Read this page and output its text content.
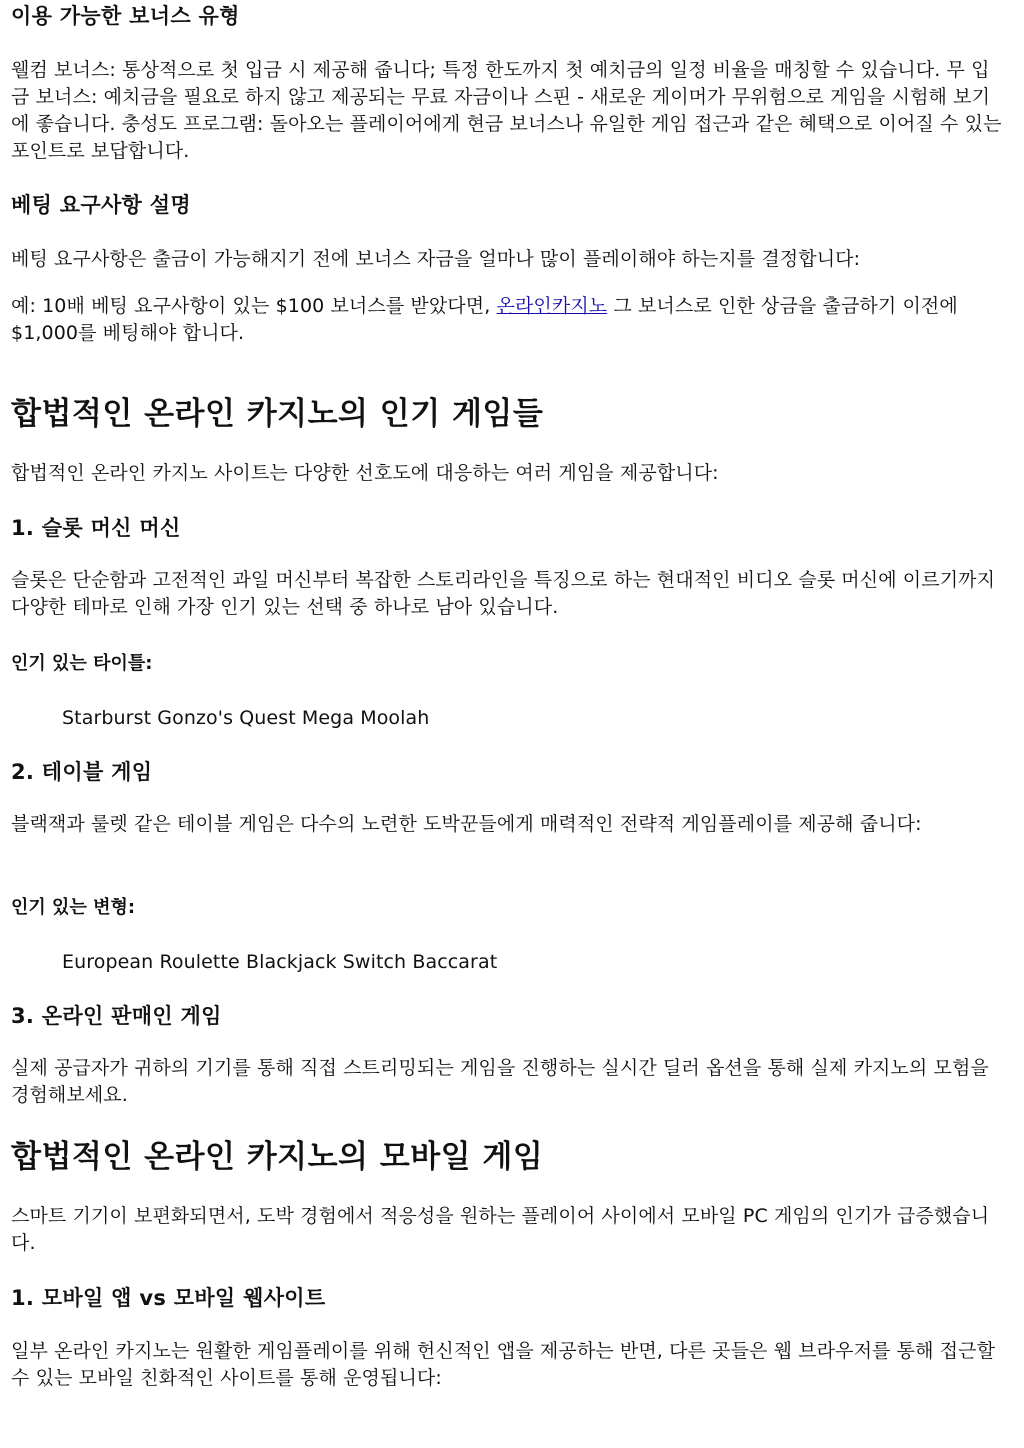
이용 가능한 보너스 유형

웰컴 보너스: 통상적으로 첫 입금 시 제공해 줍니다; 특정 한도까지 첫 예치금의 일정 비율을 매칭할 수 있습니다. 무 입금 보너스: 예치금을 필요로 하지 않고 제공되는 무료 자금이나 스핀 - 새로운 게이머가 무위험으로 게임을 시험해 보기에 좋습니다. 충성도 프로그램: 돌아오는 플레이어에게 현금 보너스나 유일한 게임 접근과 같은 혜택으로 이어질 수 있는 포인트로 보답합니다.

베팅 요구사항 설명

베팅 요구사항은 출금이 가능해지기 전에 보너스 자금을 얼마나 많이 플레이해야 하는지를 결정합니다:

예: 10배 베팅 요구사항이 있는 $100 보너스를 받았다면, 온라인카지노 그 보너스로 인한 상금을 출금하기 이전에 $1,000를 베팅해야 합니다.

합법적인 온라인 카지노의 인기 게임들

합법적인 온라인 카지노 사이트는 다양한 선호도에 대응하는 여러 게임을 제공합니다:

1. 슬롯 머신 머신

슬롯은 단순함과 고전적인 과일 머신부터 복잡한 스토리라인을 특징으로 하는 현대적인 비디오 슬롯 머신에 이르기까지 다양한 테마로 인해 가장 인기 있는 선택 중 하나로 남아 있습니다.

인기 있는 타이틀:

Starburst Gonzo's Quest Mega Moolah

2. 테이블 게임

블랙잭과 룰렛 같은 테이블 게임은 다수의 노련한 도박꾼들에게 매력적인 전략적 게임플레이를 제공해 줍니다:

인기 있는 변형:

European Roulette Blackjack Switch Baccarat

3. 온라인 판매인 게임

실제 공급자가 귀하의 기기를 통해 직접 스트리밍되는 게임을 진행하는 실시간 딜러 옵션을 통해 실제 카지노의 모험을 경험해보세요.

합법적인 온라인 카지노의 모바일 게임

스마트 기기이 보편화되면서, 도박 경험에서 적응성을 원하는 플레이어 사이에서 모바일 PC 게임의 인기가 급증했습니다.

1. 모바일 앱 vs 모바일 웹사이트

일부 온라인 카지노는 원활한 게임플레이를 위해 헌신적인 앱을 제공하는 반면, 다른 곳들은 웹 브라우저를 통해 접근할 수 있는 모바일 친화적인 사이트를 통해 운영됩니다:
